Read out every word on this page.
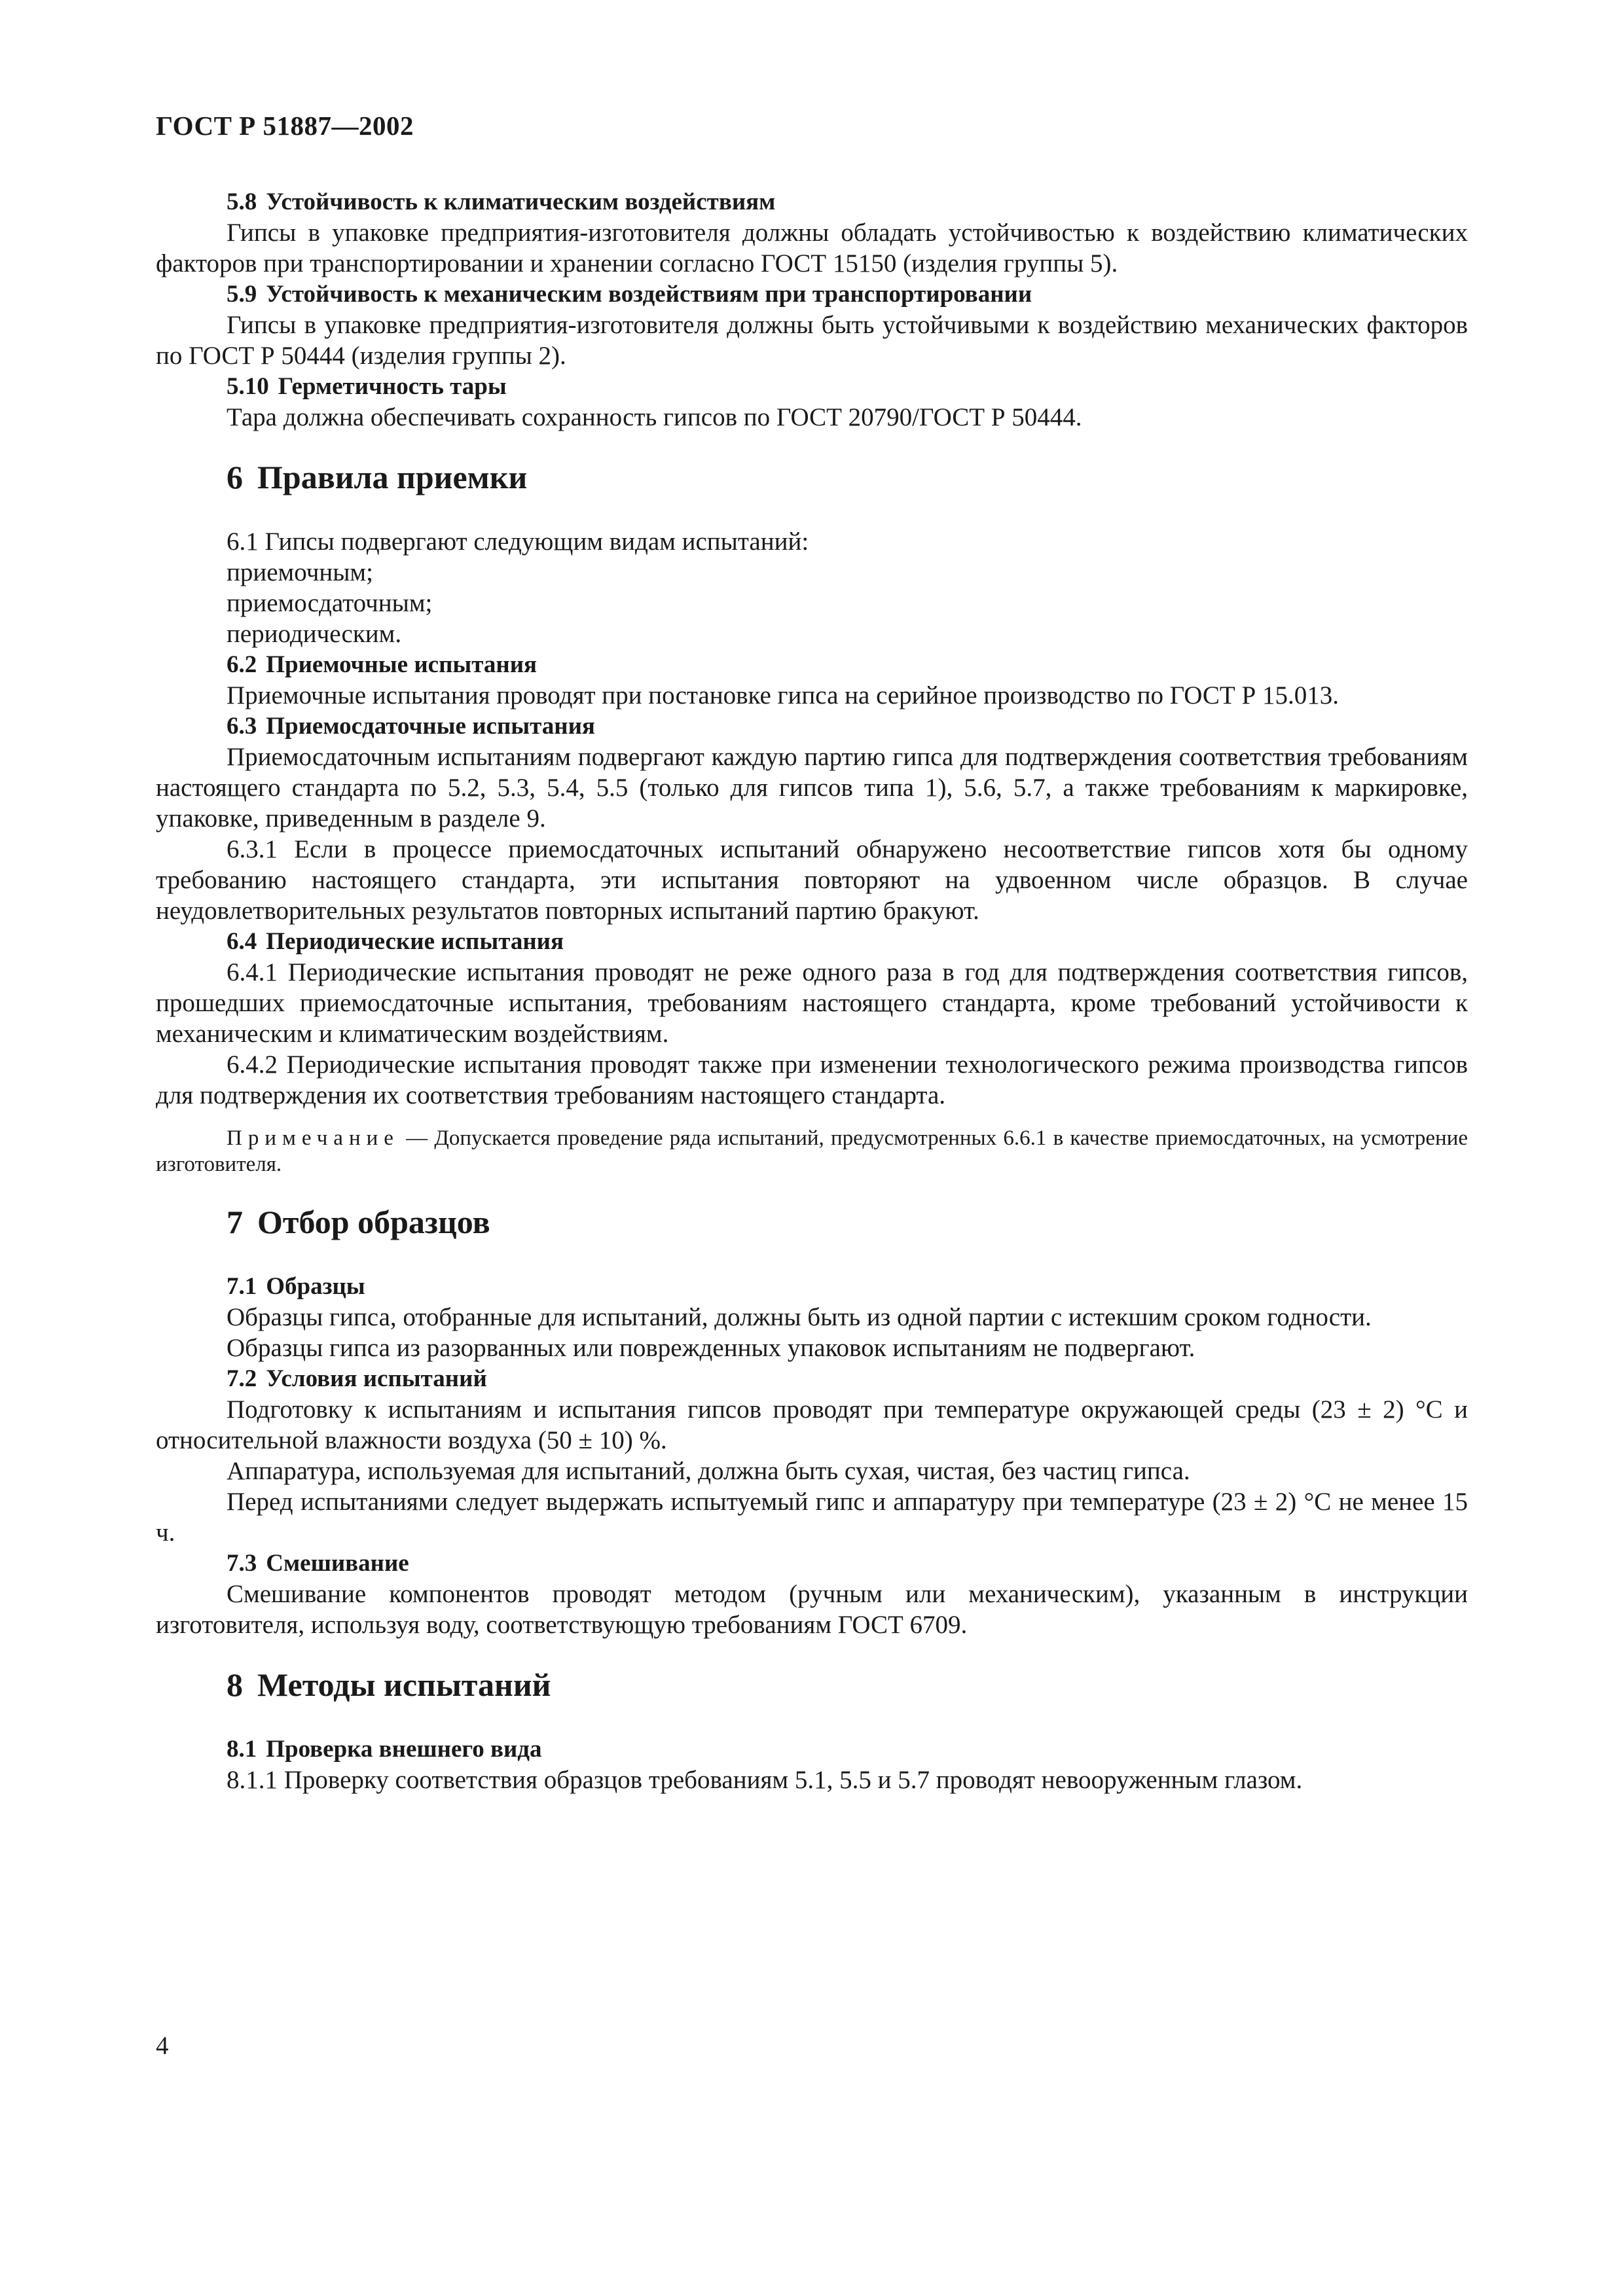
ГОСТ Р 51887—2002

5.8 Устойчивость к климатическим воздействиям

Гипсы в упаковке предприятия-изготовителя должны обладать устойчивостью к воздействию климатических факторов при транспортировании и хранении согласно ГОСТ 15150 (изделия группы 5).

5.9 Устойчивость к механическим воздействиям при транспортировании

Гипсы в упаковке предприятия-изготовителя должны быть устойчивыми к воздействию механических факторов по ГОСТ Р 50444 (изделия группы 2).

5.10 Герметичность тары

Тара должна обеспечивать сохранность гипсов по ГОСТ 20790/ГОСТ Р 50444.

6 Правила приемки

6.1 Гипсы подвергают следующим видам испытаний:

приемочным;

приемосдаточным;

периодическим.

6.2 Приемочные испытания

Приемочные испытания проводят при постановке гипса на серийное производство по ГОСТ Р 15.013.

6.3 Приемосдаточные испытания

Приемосдаточным испытаниям подвергают каждую партию гипса для подтверждения соответствия требованиям настоящего стандарта по 5.2, 5.3, 5.4, 5.5 (только для гипсов типа 1), 5.6, 5.7, а также требованиям к маркировке, упаковке, приведенным в разделе 9.

6.3.1 Если в процессе приемосдаточных испытаний обнаружено несоответствие гипсов хотя бы одному требованию настоящего стандарта, эти испытания повторяют на удвоенном числе образцов. В случае неудовлетворительных результатов повторных испытаний партию бракуют.

6.4 Периодические испытания

6.4.1 Периодические испытания проводят не реже одного раза в год для подтверждения соответствия гипсов, прошедших приемосдаточные испытания, требованиям настоящего стандарта, кроме требований устойчивости к механическим и климатическим воздействиям.

6.4.2 Периодические испытания проводят также при изменении технологического режима производства гипсов для подтверждения их соответствия требованиям настоящего стандарта.

Примечание — Допускается проведение ряда испытаний, предусмотренных 6.6.1 в качестве приемосдаточных, на усмотрение изготовителя.

7 Отбор образцов

7.1 Образцы

Образцы гипса, отобранные для испытаний, должны быть из одной партии с истекшим сроком годности.

Образцы гипса из разорванных или поврежденных упаковок испытаниям не подвергают.

7.2 Условия испытаний

Подготовку к испытаниям и испытания гипсов проводят при температуре окружающей среды (23 ± 2) °С и относительной влажности воздуха (50 ± 10) %.

Аппаратура, используемая для испытаний, должна быть сухая, чистая, без частиц гипса.

Перед испытаниями следует выдержать испытуемый гипс и аппаратуру при температуре (23 ± 2) °С не менее 15 ч.

7.3 Смешивание

Смешивание компонентов проводят методом (ручным или механическим), указанным в инструкции изготовителя, используя воду, соответствующую требованиям ГОСТ 6709.

8 Методы испытаний

8.1 Проверка внешнего вида

8.1.1 Проверку соответствия образцов требованиям 5.1, 5.5 и 5.7 проводят невооруженным глазом.

4
